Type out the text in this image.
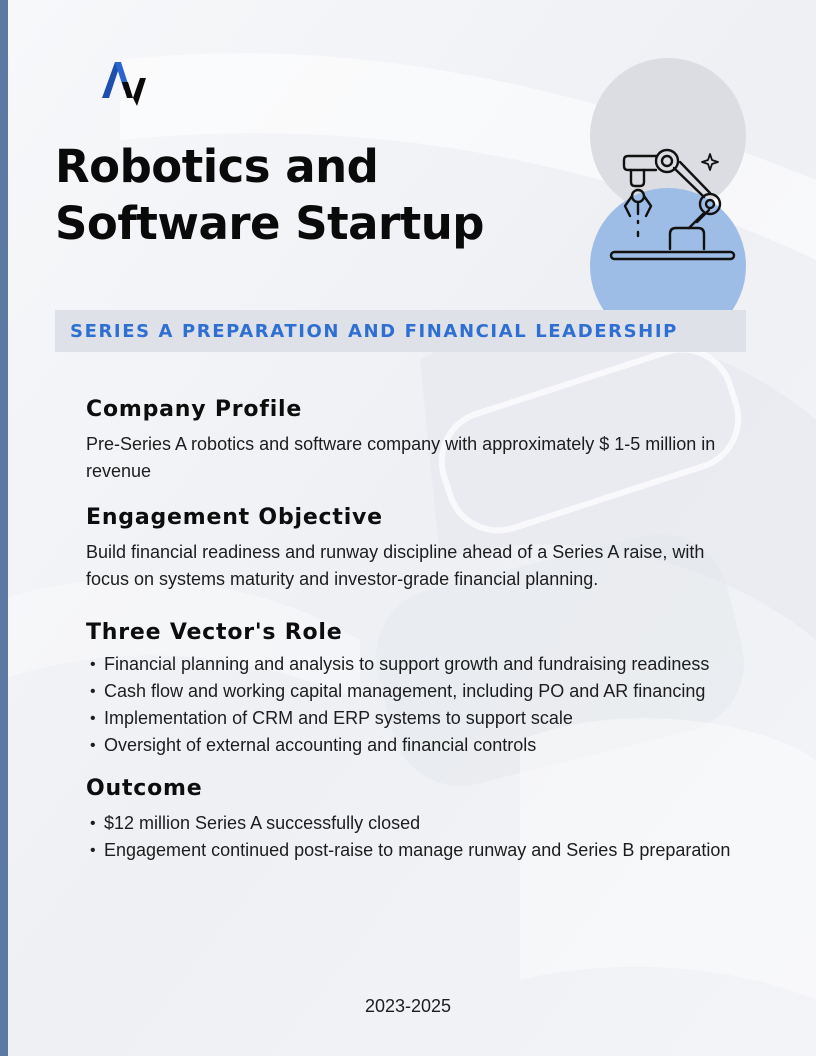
Robotics and
Software Startup
SERIES A PREPARATION AND FINANCIAL LEADERSHIP
Company Profile

Pre-Series A robotics and software company with approximately $ 1-5 million in revenue

Engagement Objective

Build financial readiness and runway discipline ahead of a Series A raise, with focus on systems maturity and investor-grade financial planning.

Three Vector's Role
• Financial planning and analysis to support growth and fundraising readiness
• Cash flow and working capital management, including PO and AR financing
• Implementation of CRM and ERP systems to support scale
• Oversight of external accounting and financial controls
Outcome
• $12 million Series A successfully closed
• Engagement continued post-raise to manage runway and Series B preparation
2023-2025
